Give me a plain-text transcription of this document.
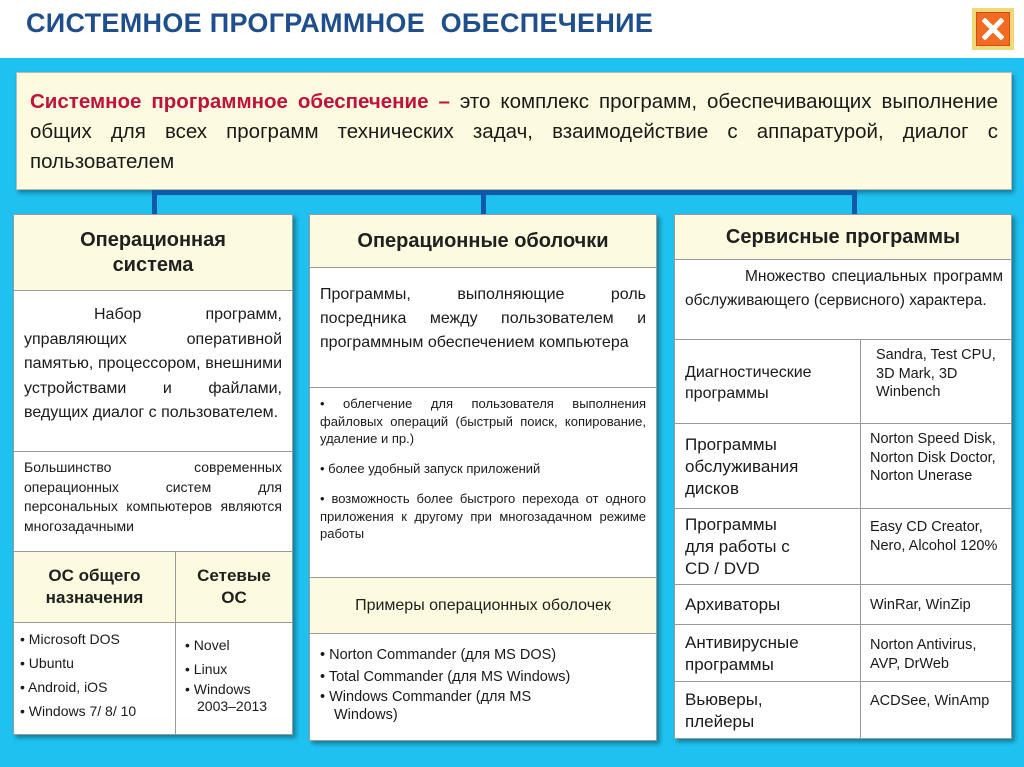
СИСТЕМНОЕ ПРОГРАММНОЕ  ОБЕСПЕЧЕНИЕ
Системное программное обеспечение – это комплекс программ, обеспечивающих выполнение общих для всех программ технических задач, взаимодействие с аппаратурой, диалог с пользователем
Операционная система
Набор программ, управляющих оперативной памятью, процессором, внешними устройствами и файлами, ведущих диалог с пользователем.
Большинство современных операционных систем для персональных компьютеров являются многозадачными
ОС общего назначения
Сетевые ОС
• Microsoft DOS
• Ubuntu
• Android, iOS
• Windows 7/ 8/ 10
• Novel
• Linux
• Windows 2003–2013
Операционные оболочки
Программы, выполняющие роль посредника между пользователем и программным обеспечением компьютера
• облегчение для пользователя выполнения файловых операций (быстрый поиск, копирование, удаление и пр.)
• более удобный запуск приложений
• возможность более быстрого перехода от одного приложения к другому при многозадачном режиме работы
Примеры операционных оболочек
• Norton Commander (для MS DOS)
• Total Commander (для MS Windows)
• Windows Commander (для MS Windows)
Сервисные программы
Множество специальных программ обслуживающего (сервисного) характера.
Диагностические программы
Sandra, Test CPU, 3D Mark, 3D Winbench
Программы обслуживания дисков
Norton Speed Disk, Norton Disk Doctor, Norton Unerase
Программы для работы с CD / DVD
Easy CD Creator, Nero, Alcohol 120%
Архиваторы	WinRar, WinZip
Антивирусные программы
Norton Antivirus, AVP, DrWeb
Вьюверы, плейеры
ACDSee, WinAmp
